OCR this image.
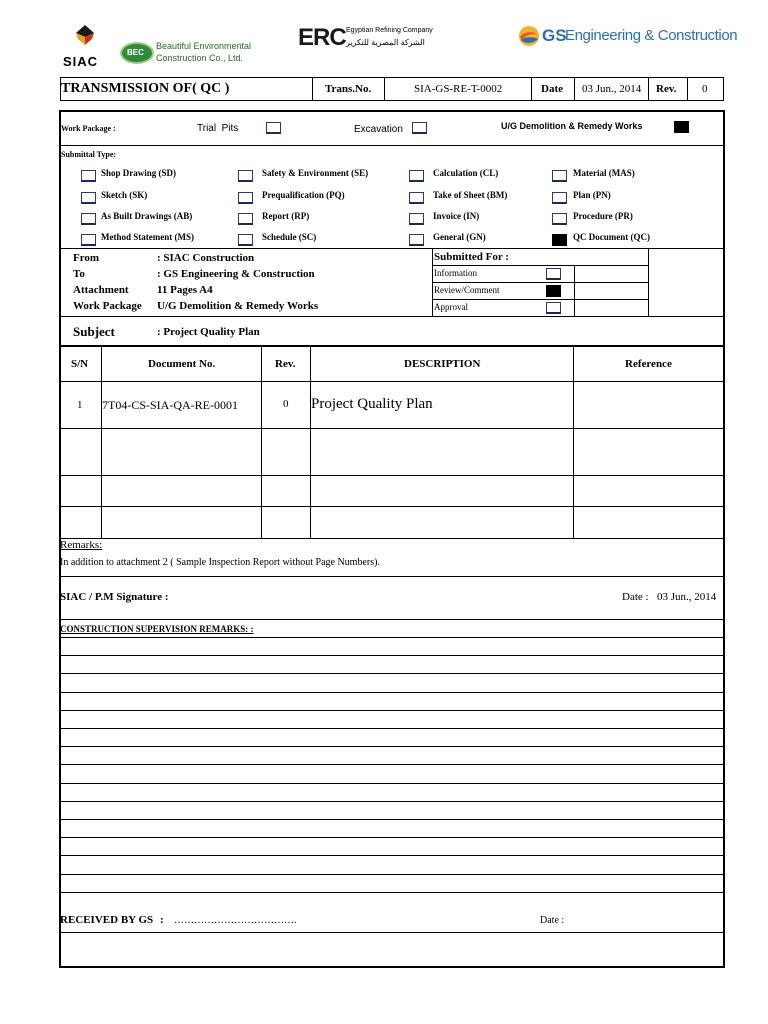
SIAC
BEC
Beautiful Environmental
Construction Co., Ltd.
ERC Egyptian Refining Company
الشركة المصرية للتكرير	GS
Engineering & Construction
TRANSMISSION OF( QC )	Trans.No.	SIA-GS-RE-T-0002	Date 03 Jun., 2014 Rev. 0
Work Package :	Trial  Pits	Excavation	U/G Demolition & Remedy Works
Submittal Type:
Shop Drawing (SD)	Safety & Environment (SE)	Calculation (CL)	Material (MAS)
Sketch (SK)	Prequalification (PQ)	Take of Sheet (BM)	Plan (PN)
As Built Drawings (AB)	Report (RP)	Invoice (IN)	Procedure (PR)
Method Statement (MS)	Schedule (SC)	General (GN)	QC Document (QC)
From	: SIAC Construction
To	: GS Engineering & Construction
Attachment	11 Pages A4
Work Package U/G Demolition & Remedy Works
Submitted For :
Information
Review/Comment
Approval
Subject	: Project Quality Plan
S/N	Document No.	Rev.	DESCRIPTION	Reference
1 7T04-CS-SIA-QA-RE-0001	0 Project Quality Plan
Remarks:
In addition to attachment 2 ( Sample Inspection Report without Page Numbers).
SIAC / P.M Signature :	Date : 03 Jun., 2014
CONSTRUCTION SUPERVISION REMARKS: :
RECEIVED BY GS : ……………………………….	Date :
